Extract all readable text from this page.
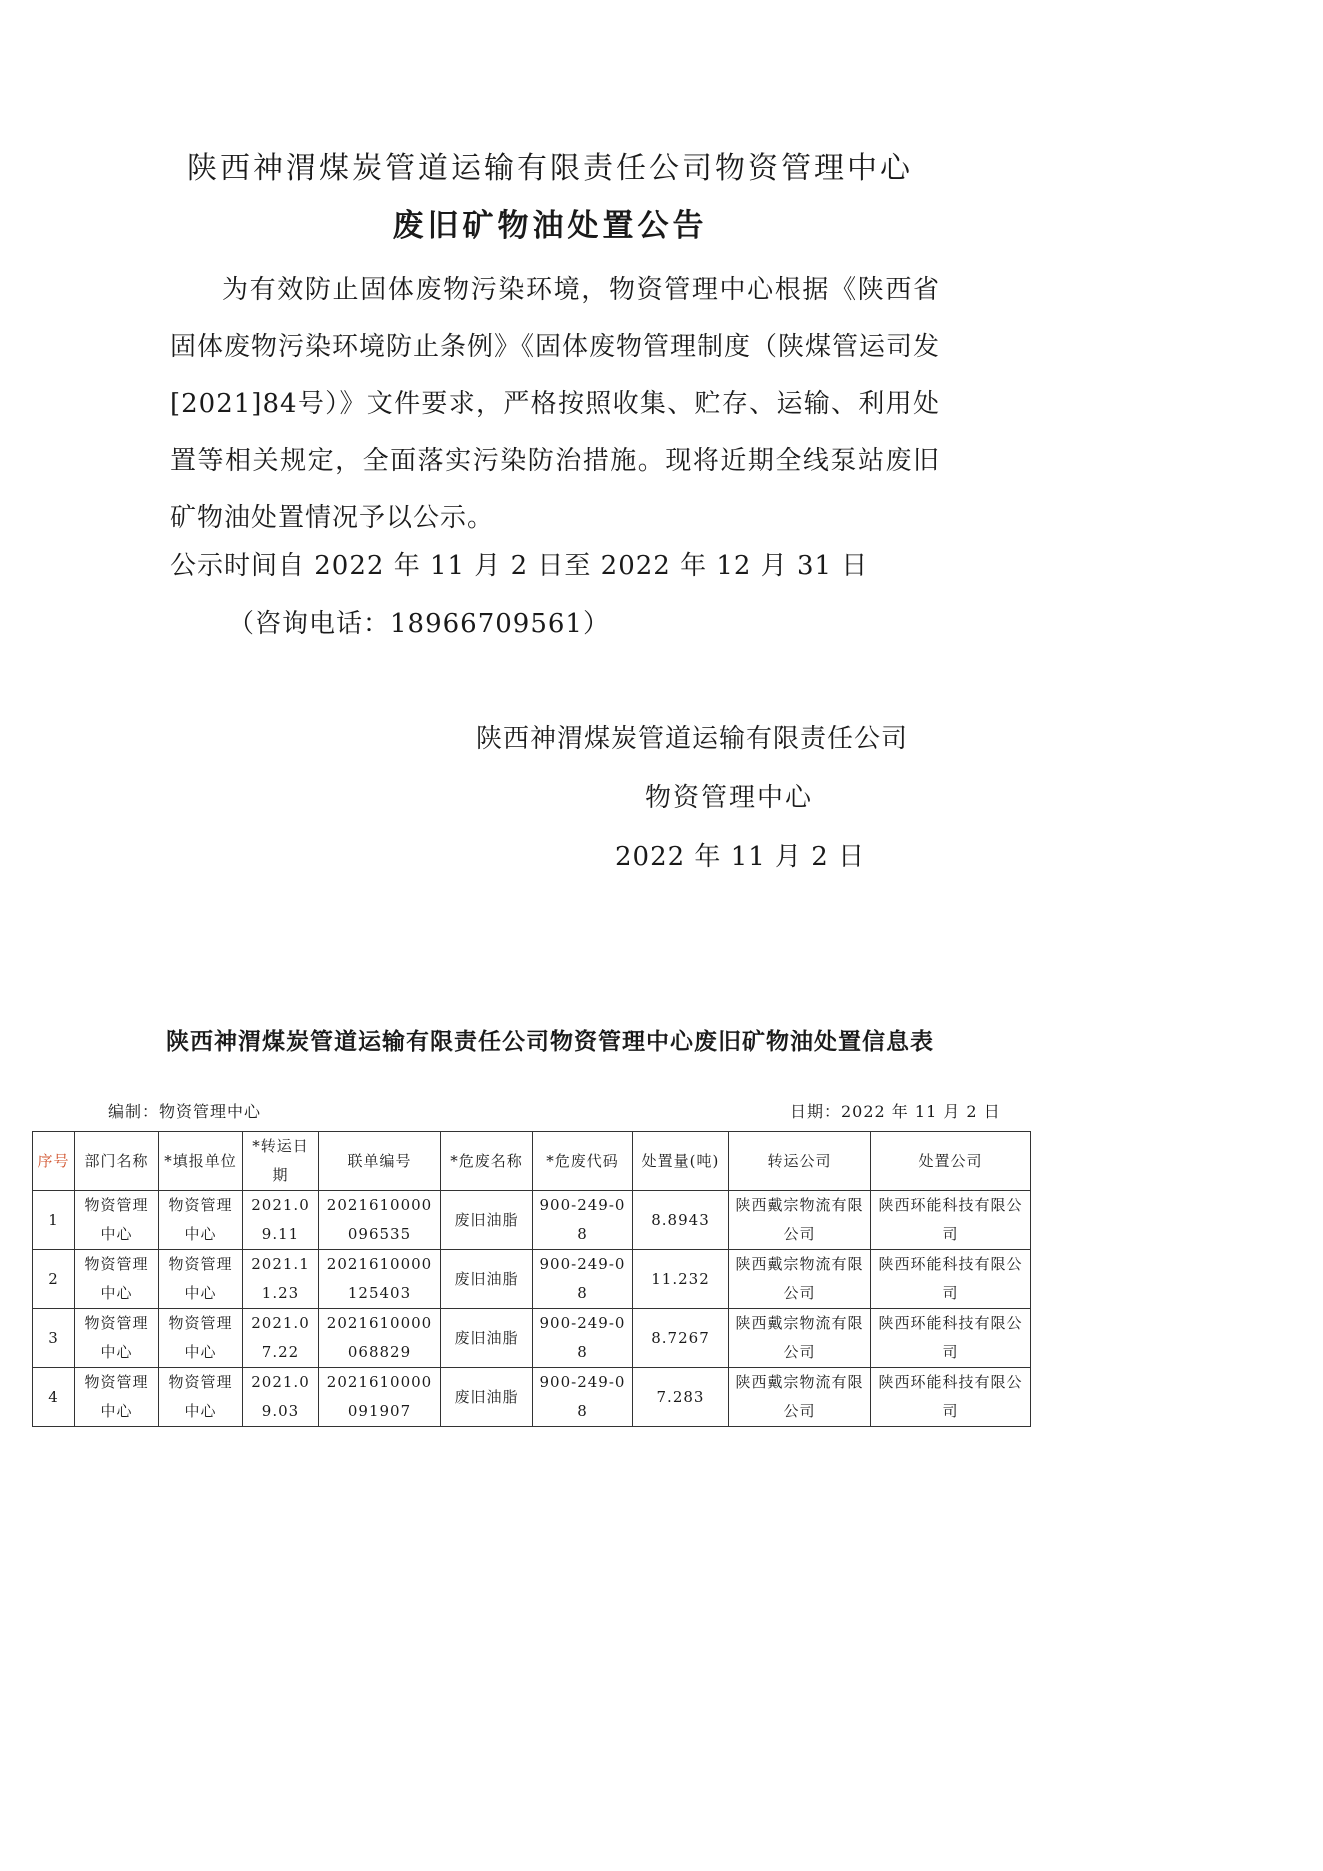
陕西神渭煤炭管道运输有限责任公司物资管理中心
废旧矿物油处置公告

为有效防止固体废物污染环境，物资管理中心根据《陕西省固体废物污染环境防止条例》《固体废物管理制度（陕煤管运司发[2021]84号）》文件要求，严格按照收集、贮存、运输、利用处置等相关规定，全面落实污染防治措施。现将近期全线泵站废旧矿物油处置情况予以公示。

公示时间自 2022 年 11 月 2 日至 2022 年 12 月 31 日
（咨询电话：18966709561）
陕西神渭煤炭管道运输有限责任公司
物资管理中心
2022 年 11 月 2 日
陕西神渭煤炭管道运输有限责任公司物资管理中心废旧矿物油处置信息表
编制：物资管理中心	日期：2022 年 11 月 2 日
序号	部门名称	*填报单位	*转运日期	联单编号	*危废名称	*危废代码	处置量(吨)	转运公司	处置公司
1	物资管理中心	物资管理中心	2021.09.11	2021610000096535	废旧油脂	900-249-08	8.8943	陕西戴宗物流有限公司	陕西环能科技有限公司
2	物资管理中心	物资管理中心	2021.11.23	2021610000125403	废旧油脂	900-249-08	11.232	陕西戴宗物流有限公司	陕西环能科技有限公司
3	物资管理中心	物资管理中心	2021.07.22	2021610000068829	废旧油脂	900-249-08	8.7267	陕西戴宗物流有限公司	陕西环能科技有限公司
4	物资管理中心	物资管理中心	2021.09.03	2021610000091907	废旧油脂	900-249-08	7.283	陕西戴宗物流有限公司	陕西环能科技有限公司
